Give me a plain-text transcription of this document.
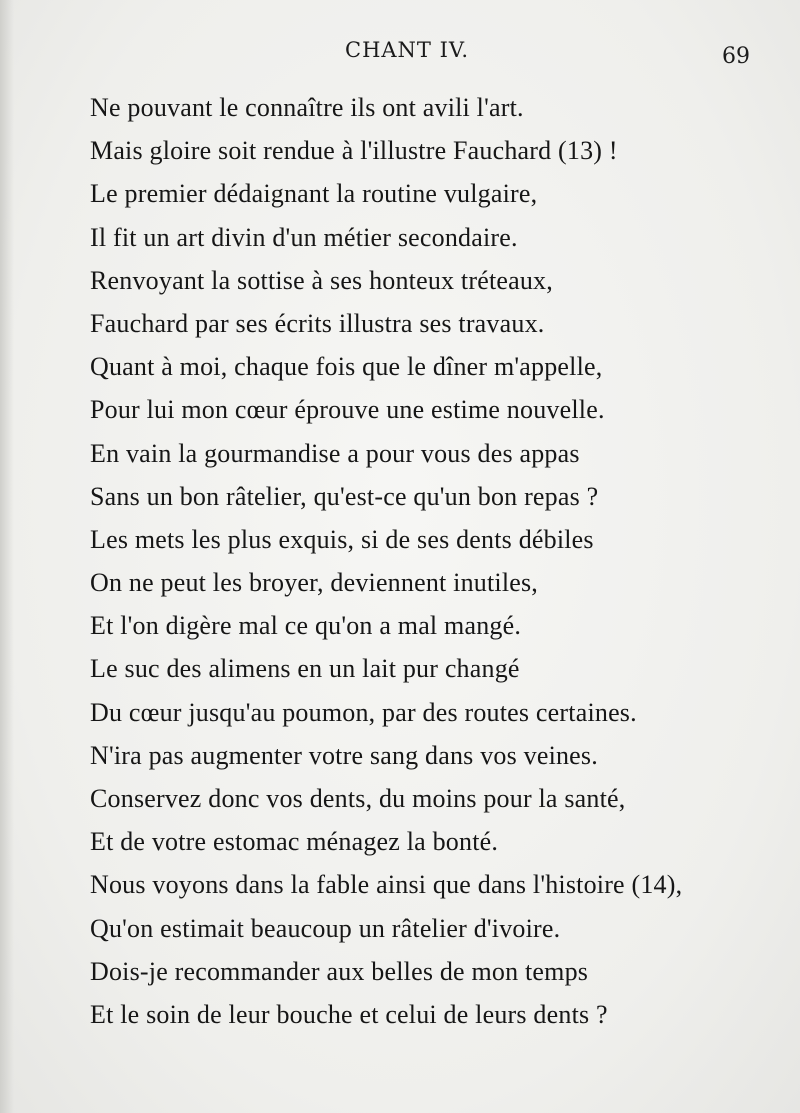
CHANT IV.	69
Ne pouvant le connaître ils ont avili l'art.
Mais gloire soit rendue à l'illustre Fauchard (13) !
Le premier dédaignant la routine vulgaire,
Il fit un art divin d'un métier secondaire.
Renvoyant la sottise à ses honteux tréteaux,
Fauchard par ses écrits illustra ses travaux.
Quant à moi, chaque fois que le dîner m'appelle,
Pour lui mon cœur éprouve une estime nouvelle.
En vain la gourmandise a pour vous des appas
Sans un bon râtelier, qu'est-ce qu'un bon repas ?
Les mets les plus exquis, si de ses dents débiles
On ne peut les broyer, deviennent inutiles,
Et l'on digère mal ce qu'on a mal mangé.
Le suc des alimens en un lait pur changé
Du cœur jusqu'au poumon, par des routes certaines.
N'ira pas augmenter votre sang dans vos veines.
Conservez donc vos dents, du moins pour la santé,
Et de votre estomac ménagez la bonté.
Nous voyons dans la fable ainsi que dans l'histoire (14),
Qu'on estimait beaucoup un râtelier d'ivoire.
Dois-je recommander aux belles de mon temps
Et le soin de leur bouche et celui de leurs dents ?
